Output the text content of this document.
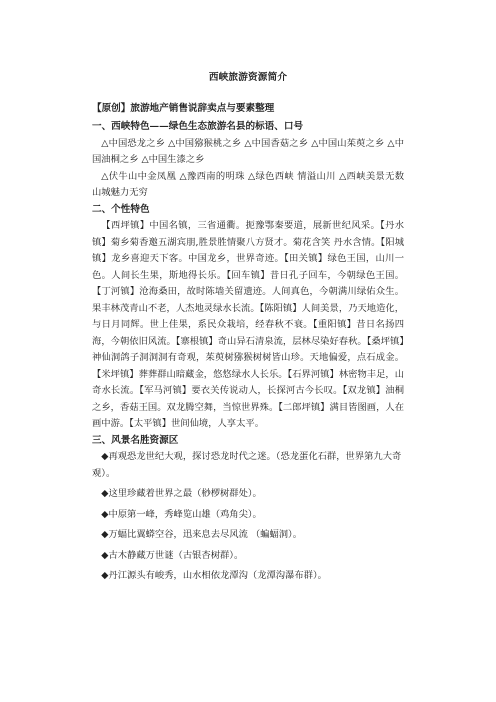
西峡旅游资源简介
【原创】旅游地产销售说辞卖点与要素整理
一、西峡特色——绿色生态旅游名县的标语、口号

△中国恐龙之乡 △中国猕猴桃之乡 △中国香菇之乡 △中国山茱萸之乡 △中国油桐之乡 △中国生漆之乡

△伏牛山中金凤凰 △豫西南的明珠 △绿色西峡 情溢山川 △西峡美景无数 山城魅力无穷

二、个性特色

【西坪镇】中国名镇，三省通衢。扼豫鄂秦要道，展新世纪风采。【丹水镇】菊乡菊香邀五湖宾朋,胜景胜情聚八方贤才。菊花含笑 丹水含情。【阳城镇】龙乡喜迎天下客。中国龙乡，世界奇迹。【田关镇】绿色王国，山川一色。人间长生果，斯地得长乐。【回车镇】昔日孔子回车，今朝绿色王国。【丁河镇】沧海桑田，故时陈墙关留遗迹。人间真色，今朝满川绿佑众生。果丰林茂青山不老，人杰地灵绿水长流。【陈阳镇】人间美景，乃天地造化，与日月同辉。世上佳果，系民众栽培，经春秋不衰。【重阳镇】昔日名扬四海，今朝依旧风流。【寨根镇】奇山异石清泉流，层林尽染好春秋。【桑坪镇】神仙洞鸽子洞洞洞有奇观，茱萸树猕猴树树皆山珍。天地偏爱，点石成金。【米坪镇】葬葬群山暗藏金，悠悠绿水人长乐。【石界河镇】林密物丰足，山奇水长流。【军马河镇】要衣关传说动人，长探河古今长叹。【双龙镇】油桐之乡，香菇王国。双龙腾空舞，当惊世界殊。【二郎坪镇】满目皆图画，人在画中游。【太平镇】世间仙境，人享太平。

三、风景名胜资源区
◆再观恐龙世纪大观，探讨恐龙时代之迷。（恐龙蛋化石群，世界第九大奇观）。
◆这里珍藏着世界之最（桫椤树群处）。
◆中原第一峰，秀峰览山雄（鸡角尖）。
◆万蝠比翼蟒空谷，迅来息去尽风流 （蝙蝠洞）。
◆古木静藏万世谜（古银杏树群）。
◆丹江源头有峻秀，山水相依龙潭沟（龙潭沟瀑布群）。
